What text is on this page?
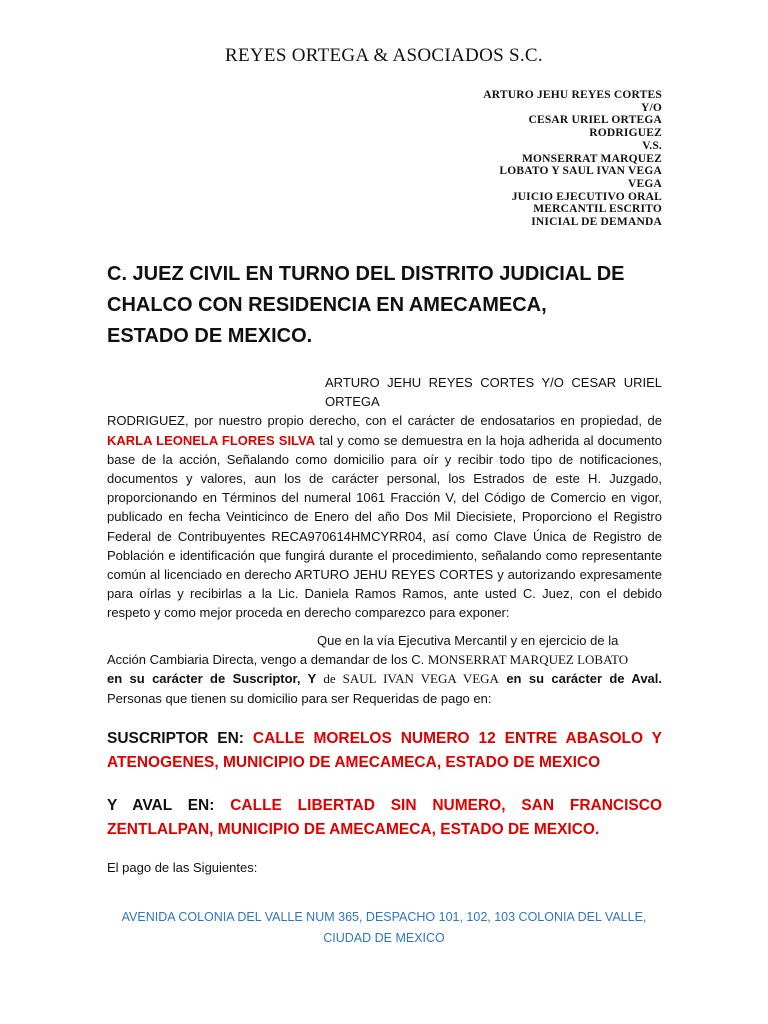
REYES ORTEGA & ASOCIADOS S.C.
ARTURO JEHU REYES CORTES
Y/O
CESAR URIEL ORTEGA
RODRIGUEZ
V.S.
MONSERRAT MARQUEZ
LOBATO Y SAUL IVAN VEGA
VEGA
JUICIO EJECUTIVO ORAL
MERCANTIL ESCRITO
INICIAL DE DEMANDA
C. JUEZ CIVIL EN TURNO DEL DISTRITO JUDICIAL DE CHALCO CON RESIDENCIA EN AMECAMECA, ESTADO DE MEXICO.
ARTURO JEHU REYES CORTES Y/O CESAR URIEL ORTEGA
RODRIGUEZ, por nuestro propio derecho, con el carácter de endosatarios en propiedad, de KARLA LEONELA FLORES SILVA tal y como se demuestra en la hoja adherida al documento base de la acción, Señalando como domicilio para oír y recibir todo tipo de notificaciones, documentos y valores, aun los de carácter personal, los Estrados de este H. Juzgado, proporcionando en Términos del numeral 1061 Fracción V, del Código de Comercio en vigor, publicado en fecha Veinticinco de Enero del año Dos Mil Diecisiete, Proporciono el Registro Federal de Contribuyentes RECA970614HMCYRR04, así como Clave Única de Registro de Población e identificación que fungirá durante el procedimiento, señalando como representante común al licenciado en derecho ARTURO JEHU REYES CORTES y autorizando expresamente para oírlas y recibirlas a la Lic. Daniela Ramos Ramos, ante usted C. Juez, con el debido respeto y como mejor proceda en derecho comparezco para exponer:
Que en la vía Ejecutiva Mercantil y en ejercicio de la
Acción Cambiaria Directa, vengo a demandar de los C. MONSERRAT MARQUEZ LOBATO
en su carácter de Suscriptor, Y de SAUL IVAN VEGA VEGA en su carácter de Aval. Personas que tienen su domicilio para ser Requeridas de pago en:
SUSCRIPTOR EN: CALLE MORELOS NUMERO 12 ENTRE ABASOLO Y ATENOGENES, MUNICIPIO DE AMECAMECA, ESTADO DE MEXICO
Y AVAL EN: CALLE LIBERTAD SIN NUMERO, SAN FRANCISCO ZENTLALPAN, MUNICIPIO DE AMECAMECA, ESTADO DE MEXICO.
El pago de las Siguientes:
AVENIDA COLONIA DEL VALLE NUM 365, DESPACHO 101, 102, 103 COLONIA DEL VALLE, CIUDAD DE MEXICO
